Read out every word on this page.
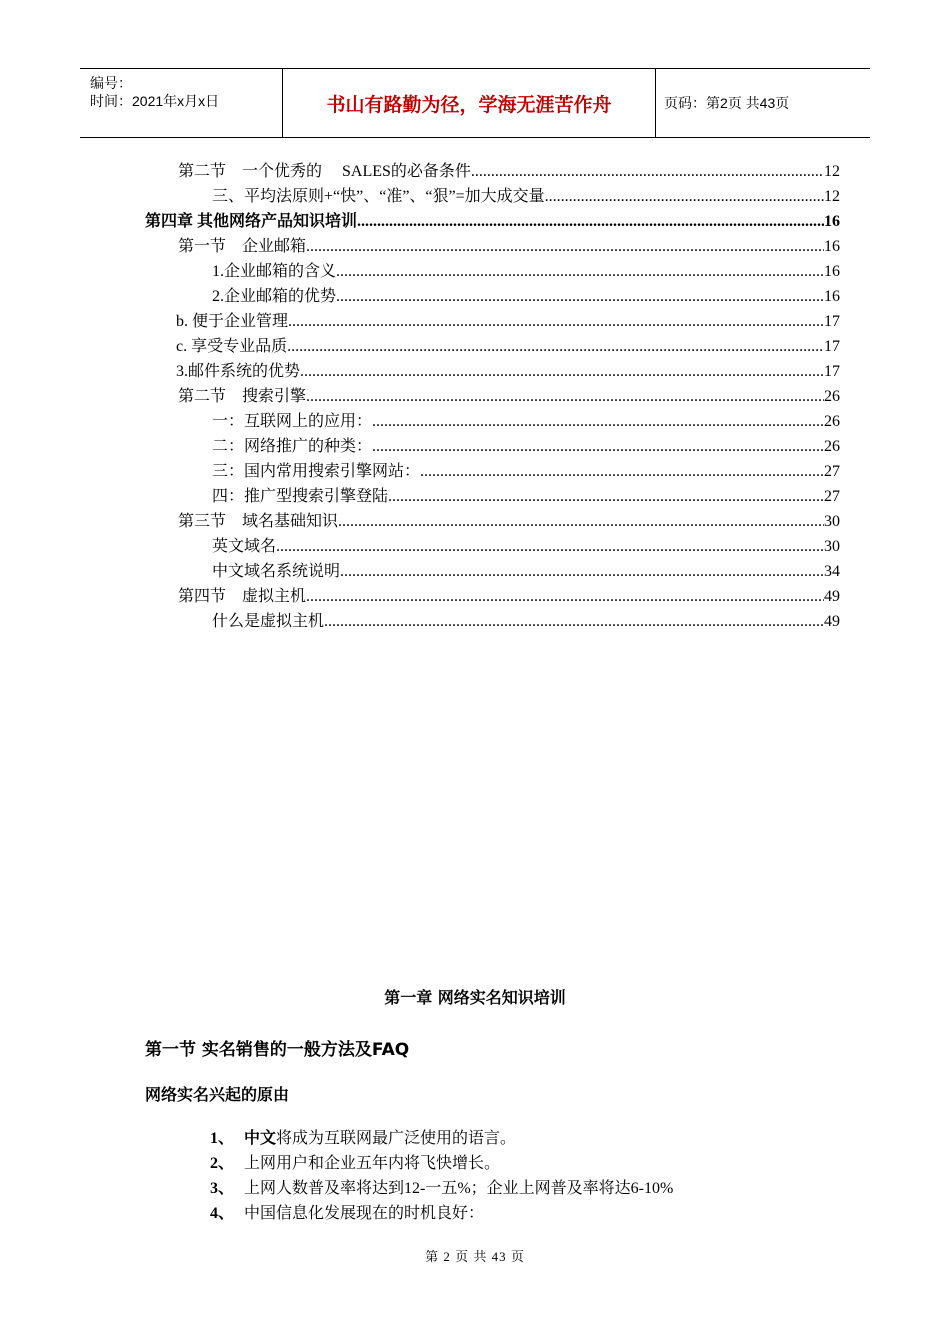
编号：
时间：2021年x月x日	书山有路勤为径，学海无涯苦作舟	页码：第2页 共43页
第二节　一个优秀的　 SALES的必备条件 .....	12
三、平均法原则+“快”、“准”、“狠”=加大成交量 .....	12
第四章 其他网络产品知识培训 .....	16
第一节　企业邮箱 .....	16
1.企业邮箱的含义 .....	16
2.企业邮箱的优势 .....	16
b. 便于企业管理 .....	17
c. 享受专业品质 .....	17
3.邮件系统的优势 .....	17
第二节　搜索引擎 .....	26
一：互联网上的应用： .....	26
二：网络推广的种类： .....	26
三：国内常用搜索引擎网站： .....	27
四：推广型搜索引擎登陆 .....	27
第三节　域名基础知识 .....	30
英文域名 .....	30
中文域名系统说明 .....	34
第四节　虚拟主机 .....	49
什么是虚拟主机 .....	49
第一章 网络实名知识培训
第一节 实名销售的一般方法及FAQ
网络实名兴起的原由
1、 中文将成为互联网最广泛使用的语言。
2、 上网用户和企业五年内将飞快增长。
3、 上网人数普及率将达到12-一五%；企业上网普及率将达6-10%
4、 中国信息化发展现在的时机良好：
第 2 页 共 43 页
